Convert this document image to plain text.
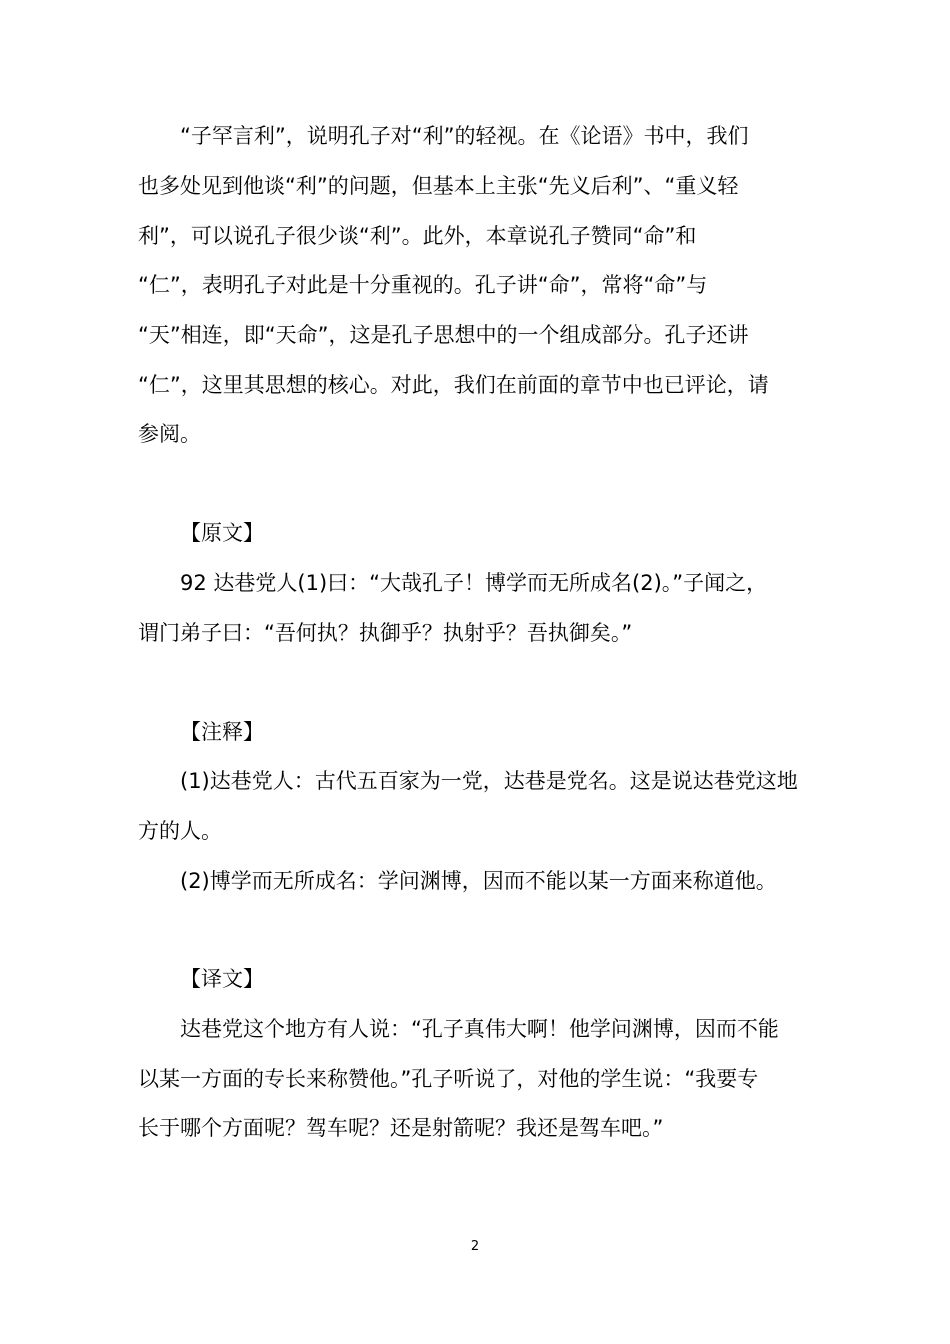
“子罕言利”，说明孔子对“利”的轻视。在《论语》书中，我们
也多处见到他谈“利”的问题，但基本上主张“先义后利”、“重义轻
利”，可以说孔子很少谈“利”。此外，本章说孔子赞同“命”和
“仁”，表明孔子对此是十分重视的。孔子讲“命”，常将“命”与
“天”相连，即“天命”，这是孔子思想中的一个组成部分。孔子还讲
“仁”，这里其思想的核心。对此，我们在前面的章节中也已评论，请
参阅。
【原文】
92 达巷党人(1)曰：“大哉孔子！博学而无所成名(2)。”子闻之，
谓门弟子曰：“吾何执？执御乎？执射乎？吾执御矣。”
【注释】
(1)达巷党人：古代五百家为一党，达巷是党名。这是说达巷党这地
方的人。
(2)博学而无所成名：学问渊博，因而不能以某一方面来称道他。
【译文】
达巷党这个地方有人说：“孔子真伟大啊！他学问渊博，因而不能
以某一方面的专长来称赞他。”孔子听说了，对他的学生说：“我要专
长于哪个方面呢？驾车呢？还是射箭呢？我还是驾车吧。”
2
